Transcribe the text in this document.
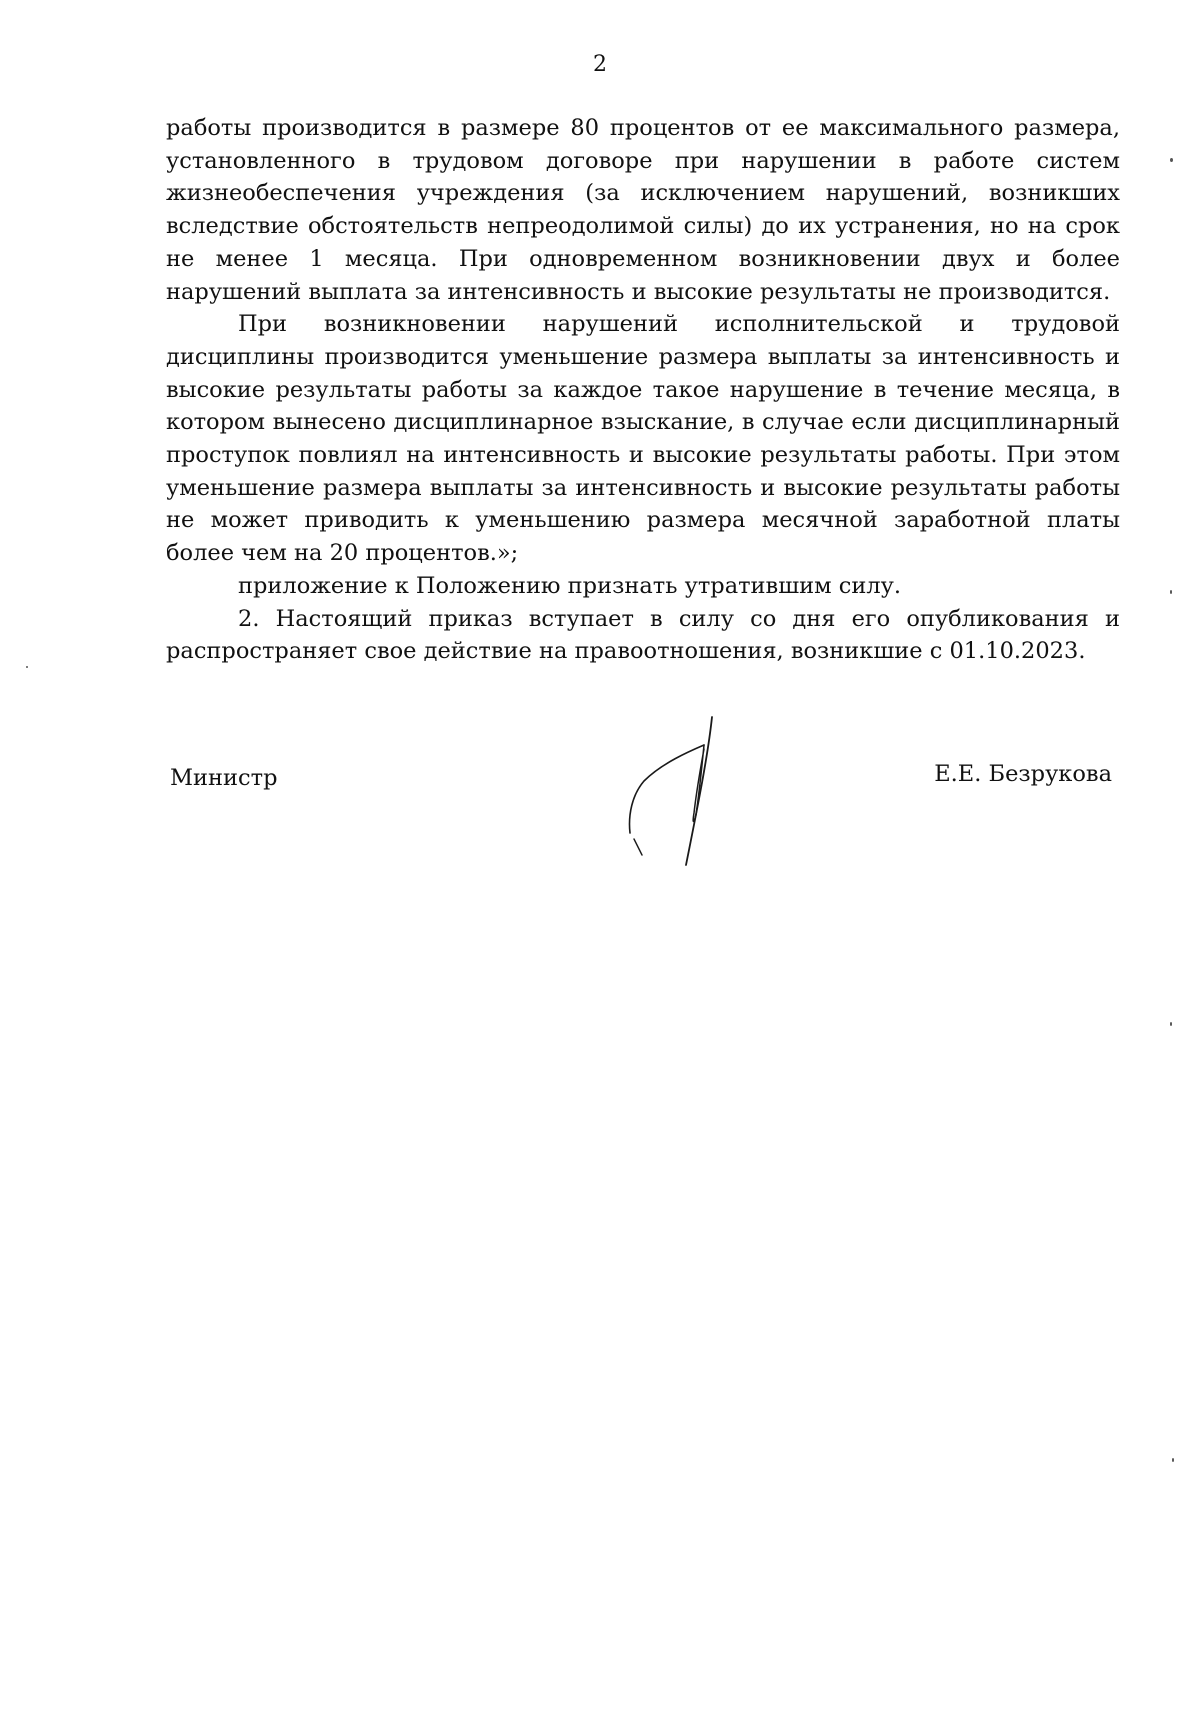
2

работы производится в размере 80 процентов от ее максимального размера, установленного в трудовом договоре при нарушении в работе систем жизнеобеспечения учреждения (за исключением нарушений, возникших вследствие обстоятельств непреодолимой силы) до их устранения, но на срок не менее 1 месяца. При одновременном возникновении двух и более нарушений выплата за интенсивность и высокие результаты не производится.

При возникновении нарушений исполнительской и трудовой дисциплины производится уменьшение размера выплаты за интенсивность и высокие результаты работы за каждое такое нарушение в течение месяца, в котором вынесено дисциплинарное взыскание, в случае если дисциплинарный проступок повлиял на интенсивность и высокие результаты работы. При этом уменьшение размера выплаты за интенсивность и высокие результаты работы не может приводить к уменьшению размера месячной заработной платы более чем на 20 процентов.»;

приложение к Положению признать утратившим силу.

2. Настоящий приказ вступает в силу со дня его опубликования и распространяет свое действие на правоотношения, возникшие с 01.10.2023.

Министр	Е.Е. Безрукова
